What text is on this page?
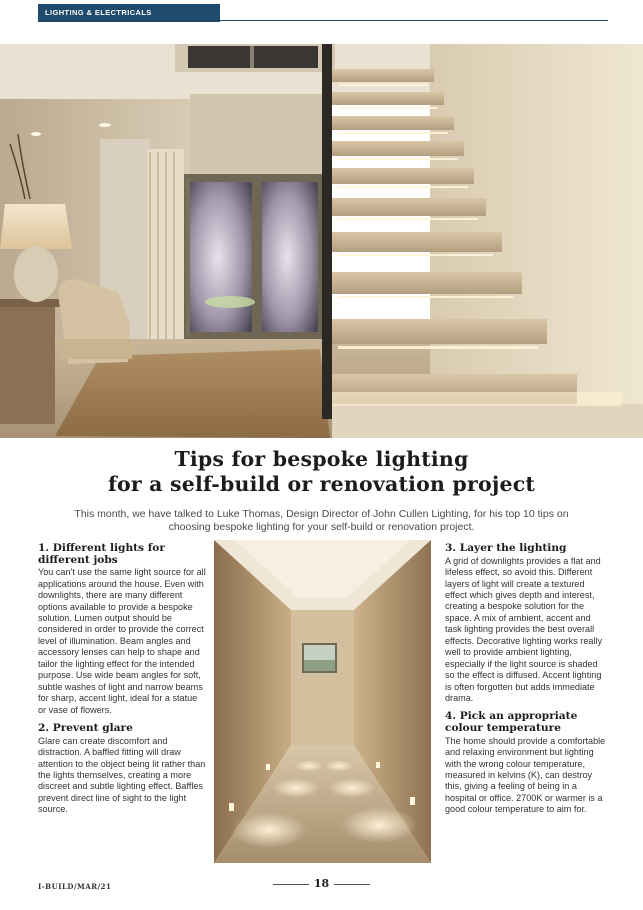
LIGHTING & ELECTRICALS
Tips for bespoke lighting
for a self-build or renovation project
This month, we have talked to Luke Thomas, Design Director of John Cullen Lighting, for his top 10 tips on choosing bespoke lighting for your self-build or renovation project.
1. Different lights for different jobs

You can't use the same light source for all applications around the house. Even with downlights, there are many different options available to provide a bespoke solution. Lumen output should be considered in order to provide the correct level of illumination. Beam angles and accessory lenses can help to shape and tailor the lighting effect for the intended purpose. Use wide beam angles for soft, subtle washes of light and narrow beams for sharp, accent light, ideal for a statue or vase of flowers.

2. Prevent glare

Glare can create discomfort and distraction. A baffled fitting will draw attention to the object being lit rather than the lights themselves, creating a more discreet and subtle lighting effect. Baffles prevent direct line of sight to the light source.

3. Layer the lighting

A grid of downlights provides a flat and lifeless effect, so avoid this. Different layers of light will create a textured effect which gives depth and interest, creating a bespoke solution for the space. A mix of ambient, accent and task lighting provides the best overall effects. Decorative lighting works really well to provide ambient lighting, especially if the light source is shaded so the effect is diffused. Accent lighting is often forgotten but adds immediate drama.

4. Pick an appropriate colour temperature

The home should provide a comfortable and relaxing environment but lighting with the wrong colour temperature, measured in kelvins (K), can destroy this, giving a feeling of being in a hospital or office. 2700K or warmer is a good colour temperature to aim for.

I-BUILD/MAR/21	18
